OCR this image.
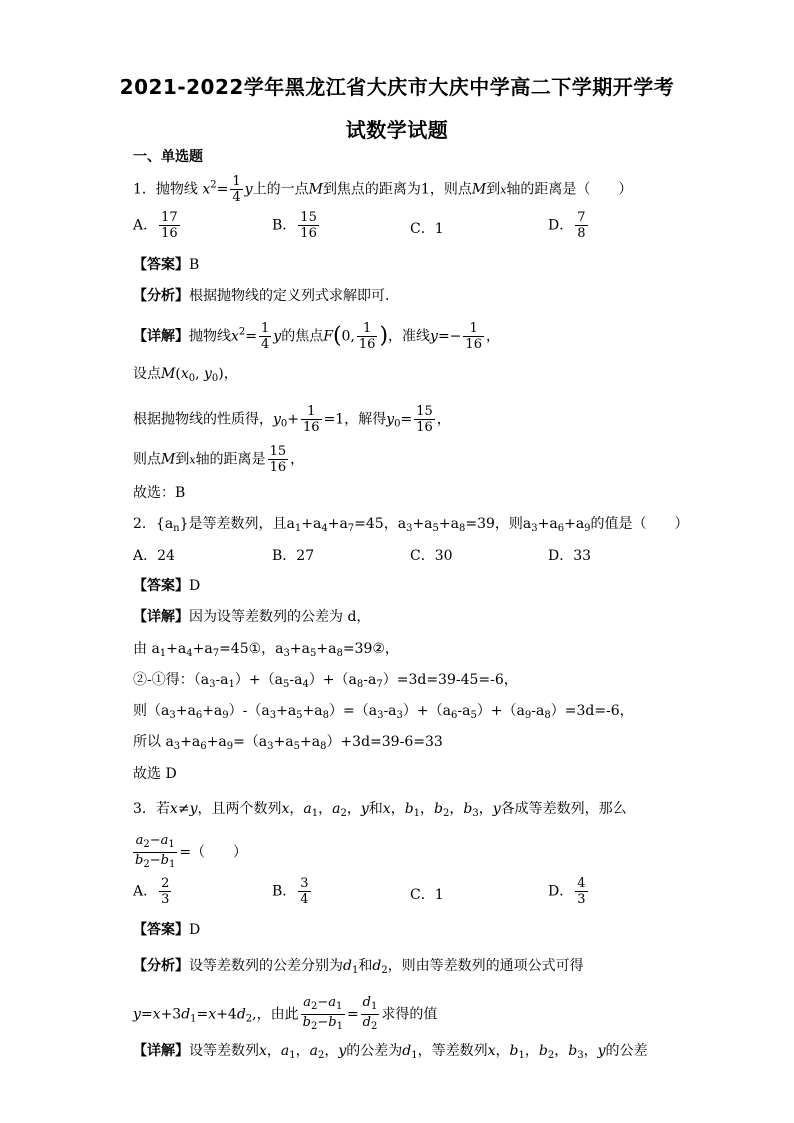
2021-2022学年黑龙江省大庆市大庆中学高二下学期开学考
试数学试题
一、单选题
1．抛物线 $x^2= \frac{1}{4}$ y上的一点M到焦点的距离为1，则点M到x轴的距离是（　　）
A． $\frac{17}{16}$	B． $\frac{15}{16}$	C．1	D． $\frac{7}{8}$
【答案】B
【分析】根据抛物线的定义列式求解即可．
【详解】抛物线$x^2= \frac{1}{4}$ y的焦点F(0, $\frac{1}{16}$ )，准线$y=- \frac{1}{16}$ ，
设点$M(x_0$, $y_0$)，
根据抛物线的性质得，$y_0+ \frac{1}{16} =1$，解得$y_0= \frac{15}{16}$ ，
则点M到x轴的距离是 $\frac{15}{16}$ ，
故选：B
2．$\{a_n\}$是等差数列，且$a_1+a_4+a_7=45$，$a_3+a_5+a_8=39$，则$a_3+a_6+a_9$的值是（　　）
A．24	B．27	C．30	D．33
【答案】D
【详解】因为设等差数列的公差为 d，
由 $a_1+a_4+a_7=45①$，$a_3+a_5+a_8=39②$，
②-①得：$(a_3-a_1)+(a_5-a_4)+(a_8-a_7)=3d=39-45=-6$，
则$(a_3+a_6+a_9)-(a_3+a_5+a_8)=(a_3-a_3)+(a_6-a_5)+(a_9-a_8)=3d=-6$，
所以 $a_3+a_6+a_9=(a_3+a_5+a_8)+3d=39-6=33$
故选 D
3．若x≠y，且两个数列x，$a_1$，$a_2$，y和x，$b_1$，$b_2$，$b_3$，y各成等差数列，那么
$\frac{a_2-a_1}{b_2-b_1}$ =（　　）
A． $\frac{2}{3}$	B． $\frac{3}{4}$	C．1	D． $\frac{4}{3}$
【答案】D
【分析】设等差数列的公差分别为$d_1$和$d_2$，则由等差数列的通项公式可得
$y=x+3d_1=x+4d_2$,，由此 $\frac{a_2-a_1}{b_2-b_1} = \frac{d_1}{d_2}$ 求得的值
【详解】设等差数列x，$a_1$，$a_2$，y的公差为$d_1$，等差数列x，$b_1$，$b_2$，$b_3$，y的公差
